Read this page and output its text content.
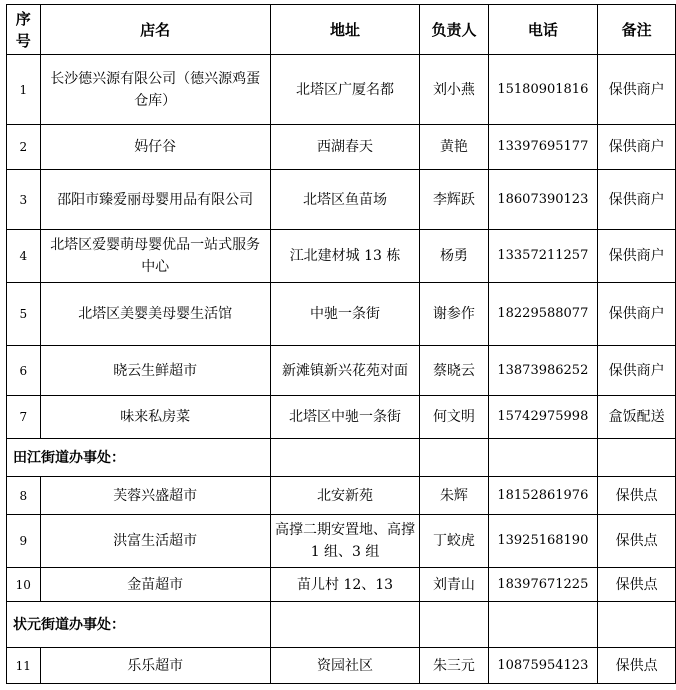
序号	店名	地址	负责人	电话	备注
1	长沙德兴源有限公司（德兴源鸡蛋仓库）	北塔区广厦名都	刘小燕	15180901816	保供商户
2	妈仔谷	西湖春天	黄艳	13397695177	保供商户
3	邵阳市臻爱丽母婴用品有限公司	北塔区鱼苗场	李辉跃	18607390123	保供商户
4	北塔区爱婴萌母婴优品一站式服务中心	江北建材城 13 栋	杨勇	13357211257	保供商户
5	北塔区美婴美母婴生活馆	中驰一条街	谢参作	18229588077	保供商户
6	晓云生鲜超市	新滩镇新兴花苑对面	蔡晓云	13873986252	保供商户
7	味来私房菜	北塔区中驰一条街	何文明	15742975998	盒饭配送
田江街道办事处：					
8	芙蓉兴盛超市	北安新苑	朱辉	18152861976	保供点
9	洪富生活超市	高撑二期安置地、高撑 1 组、3 组	丁蛟虎	13925168190	保供点
10	金苗超市	苗儿村 12、13	刘青山	18397671225	保供点
状元街道办事处：					
11	乐乐超市	资园社区	朱三元	10875954123	保供点
